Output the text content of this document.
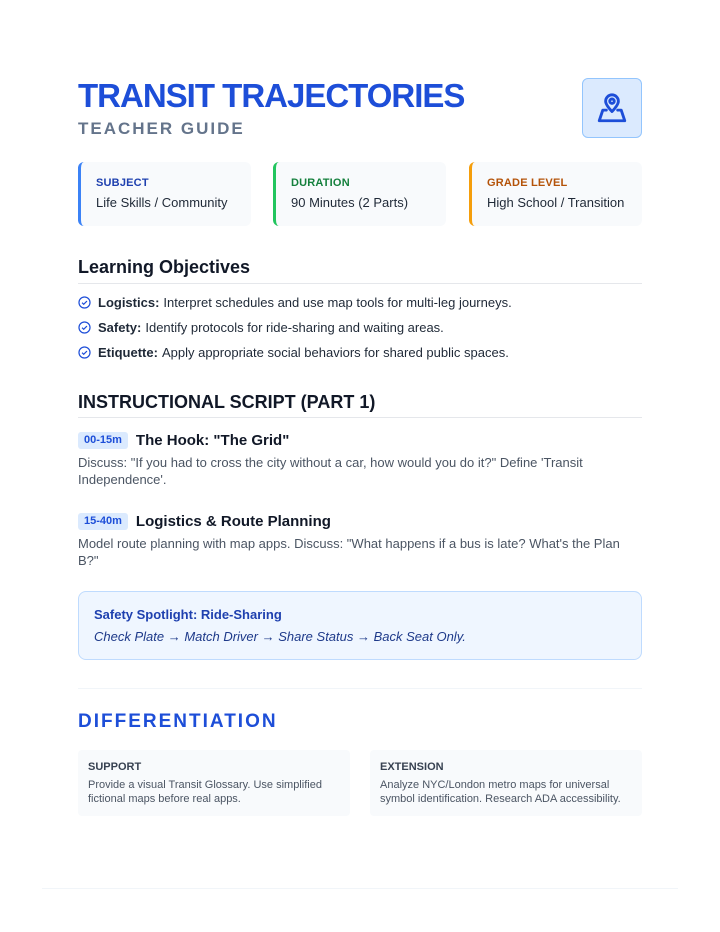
TRANSIT TRAJECTORIES
TEACHER GUIDE
SUBJECT
Life Skills / Community
DURATION
90 Minutes (2 Parts)
GRADE LEVEL
High School / Transition
Learning Objectives
Logistics: Interpret schedules and use map tools for multi-leg journeys.
Safety: Identify protocols for ride-sharing and waiting areas.
Etiquette: Apply appropriate social behaviors for shared public spaces.
INSTRUCTIONAL SCRIPT (PART 1)
00-15m The Hook: "The Grid"
Discuss: "If you had to cross the city without a car, how would you do it?" Define 'Transit Independence'.
15-40m Logistics & Route Planning
Model route planning with map apps. Discuss: "What happens if a bus is late? What's the Plan B?"
Safety Spotlight: Ride-Sharing
Check Plate → Match Driver → Share Status → Back Seat Only.
DIFFERENTIATION
SUPPORT
Provide a visual Transit Glossary. Use simplified fictional maps before real apps.
EXTENSION
Analyze NYC/London metro maps for universal symbol identification. Research ADA accessibility.
